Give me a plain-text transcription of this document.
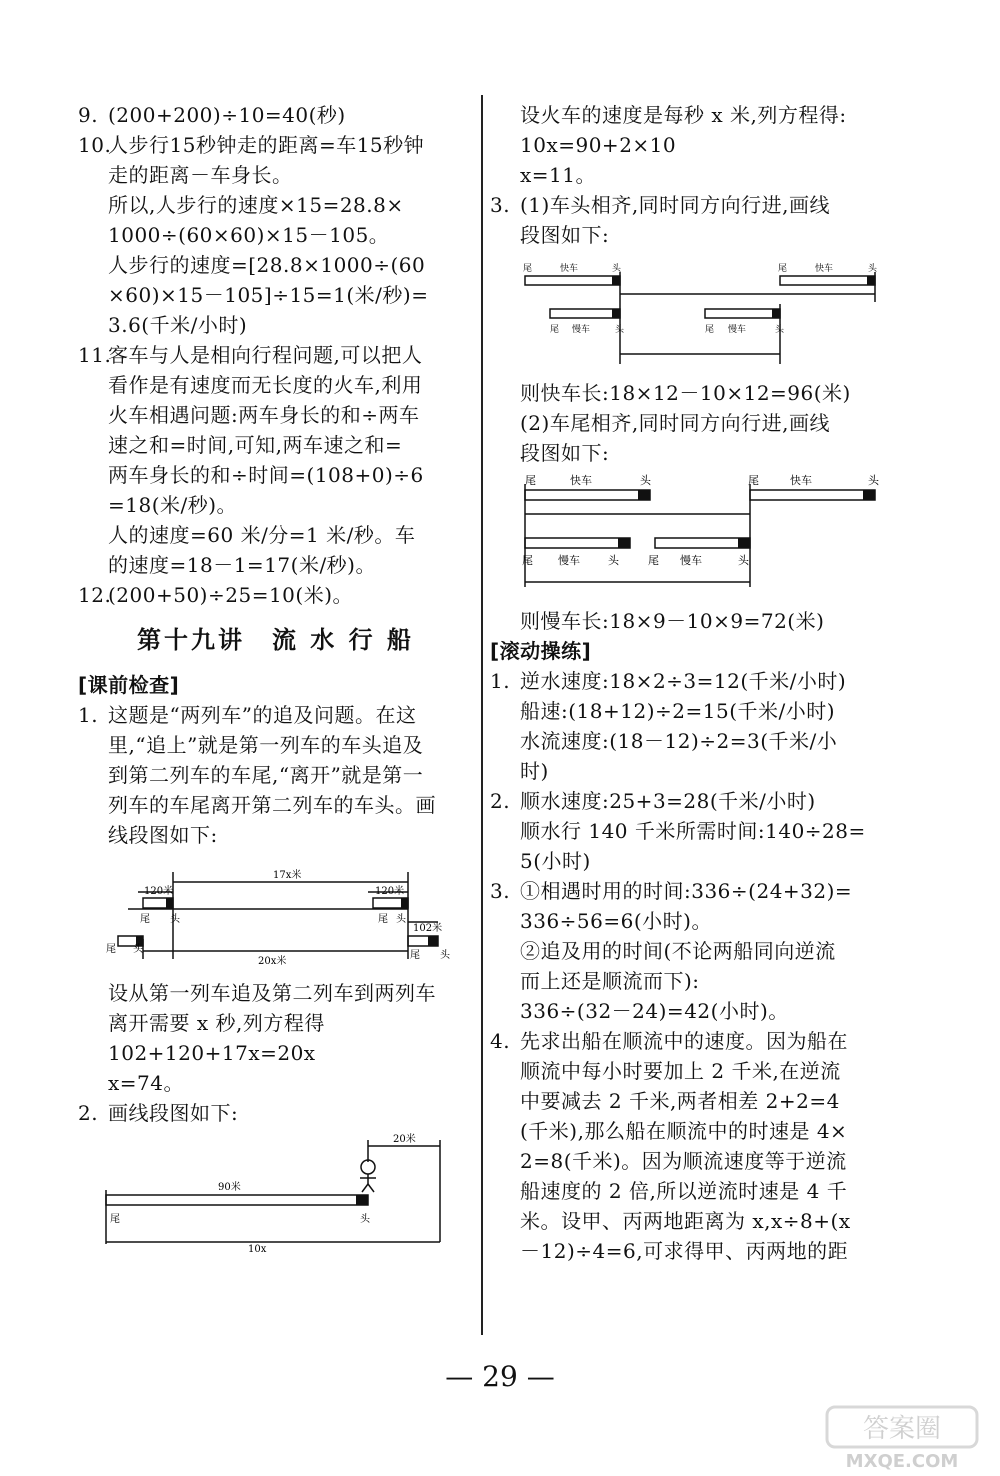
9. (200+200)÷10=40(秒)
10.人步行15秒钟走的距离=车15秒钟
走的距离－车身长。
所以,人步行的速度×15=28.8×
1000÷(60×60)×15－105。
人步行的速度=[28.8×1000÷(60
×60)×15－105]÷15=1(米/秒)=
3.6(千米/小时)
11.客车与人是相向行程问题,可以把人
看作是有速度而无长度的火车,利用
火车相遇问题:两车身长的和÷两车
速之和=时间,可知,两车速之和=
两车身长的和÷时间=(108+0)÷6
=18(米/秒)。
人的速度=60 米/分=1 米/秒。车
的速度=18－1=17(米/秒)。
12.(200+50)÷25=10(米)。
第十九讲　流 水 行 船
[课前检查]
1. 这题是“两列车”的追及问题。在这
里,“追上”就是第一列车的车头追及
到第二列车的车尾,“离开”就是第一
列车的车尾离开第二列车的车头。画
线段图如下:
120米
17x米
120米
102米
20x米
尾 头	尾 头
尾 头
尾 头
设从第一列车追及第二列车到两列车
离开需要 x 秒,列方程得
102+120+17x=20x
x=74。
2. 画线段图如下:
20米
90米
10x
尾	头
设火车的速度是每秒 x 米,列方程得:
10x=90+2×10
x=11。
3. (1)车头相齐,同时同方向行进,画线
段图如下:
尾	快车	头	尾	快车	头
尾 慢车	头	尾 慢车	头
则快车长:18×12－10×12=96(米)
(2)车尾相齐,同时同方向行进,画线
段图如下:
尾	快车	头	尾	快车	头
尾 慢车	头	尾 慢车	头
则慢车长:18×9－10×9=72(米)
[滚动操练]
1. 逆水速度:18×2÷3=12(千米/小时)
船速:(18+12)÷2=15(千米/小时)
水流速度:(18－12)÷2=3(千米/小
时)
2. 顺水速度:25+3=28(千米/小时)
顺水行 140 千米所需时间:140÷28=
5(小时)
3. ①相遇时用的时间:336÷(24+32)=
336÷56=6(小时)。
②追及用的时间(不论两船同向逆流
而上还是顺流而下):
336÷(32－24)=42(小时)。
4. 先求出船在顺流中的速度。因为船在
顺流中每小时要加上 2 千米,在逆流
中要减去 2 千米,两者相差 2+2=4
(千米),那么船在顺流中的时速是 4×
2=8(千米)。因为顺流速度等于逆流
船速度的 2 倍,所以逆流时速是 4 千
米。设甲、丙两地距离为 x,x÷8+(x
－12)÷4=6,可求得甲、丙两地的距
— 29 —
答案圈
MXQE.COM
